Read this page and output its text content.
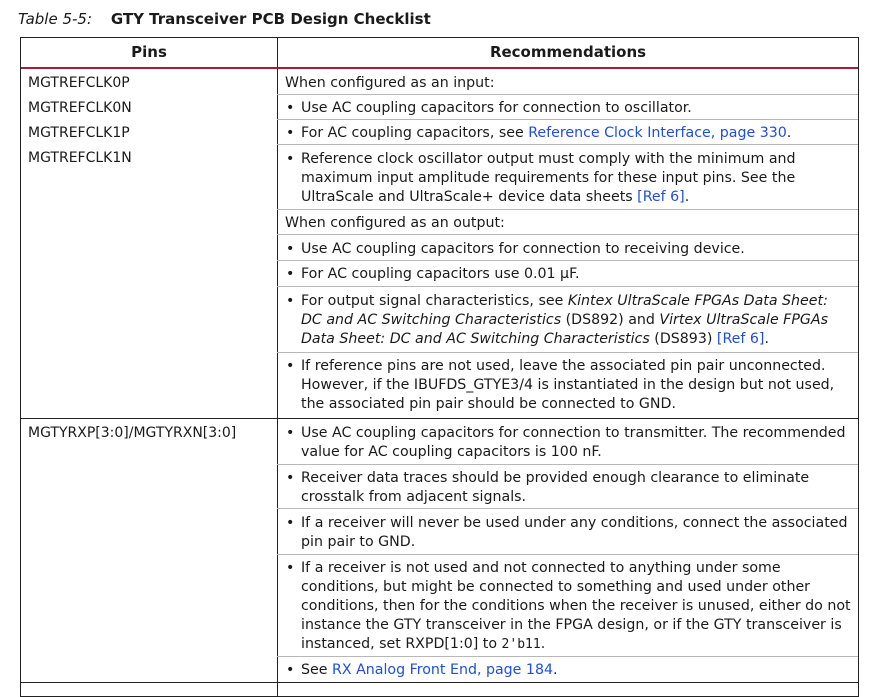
Table 5-5: GTY Transceiver PCB Design Checklist
Pins	Recommendations
MGTREFCLK0P
MGTREFCLK0N
MGTREFCLK1P
MGTREFCLK1N
When configured as an input:
• Use AC coupling capacitors for connection to oscillator.
• For AC coupling capacitors, see Reference Clock Interface, page 330.
• Reference clock oscillator output must comply with the minimum and maximum input amplitude requirements for these input pins. See the UltraScale and UltraScale+ device data sheets [Ref 6].
When configured as an output:
• Use AC coupling capacitors for connection to receiving device.
• For AC coupling capacitors use 0.01 µF.
• For output signal characteristics, see Kintex UltraScale FPGAs Data Sheet: DC and AC Switching Characteristics (DS892) and Virtex UltraScale FPGAs Data Sheet: DC and AC Switching Characteristics (DS893) [Ref 6].
• If reference pins are not used, leave the associated pin pair unconnected. However, if the IBUFDS_GTYE3/4 is instantiated in the design but not used, the associated pin pair should be connected to GND.
MGTYRXP[3:0]/MGTYRXN[3:0]
•	Use AC coupling capacitors for connection to transmitter. The recommended value for AC coupling capacitors is 100 nF.
• Receiver data traces should be provided enough clearance to eliminate crosstalk from adjacent signals.
• If a receiver will never be used under any conditions, connect the associated pin pair to GND.
• If a receiver is not used and not connected to anything under some conditions, but might be connected to something and used under other conditions, then for the conditions when the receiver is unused, either do not instance the GTY transceiver in the FPGA design, or if the GTY transceiver is instanced, set RXPD[1:0] to 2'b11.
• See RX Analog Front End, page 184.
